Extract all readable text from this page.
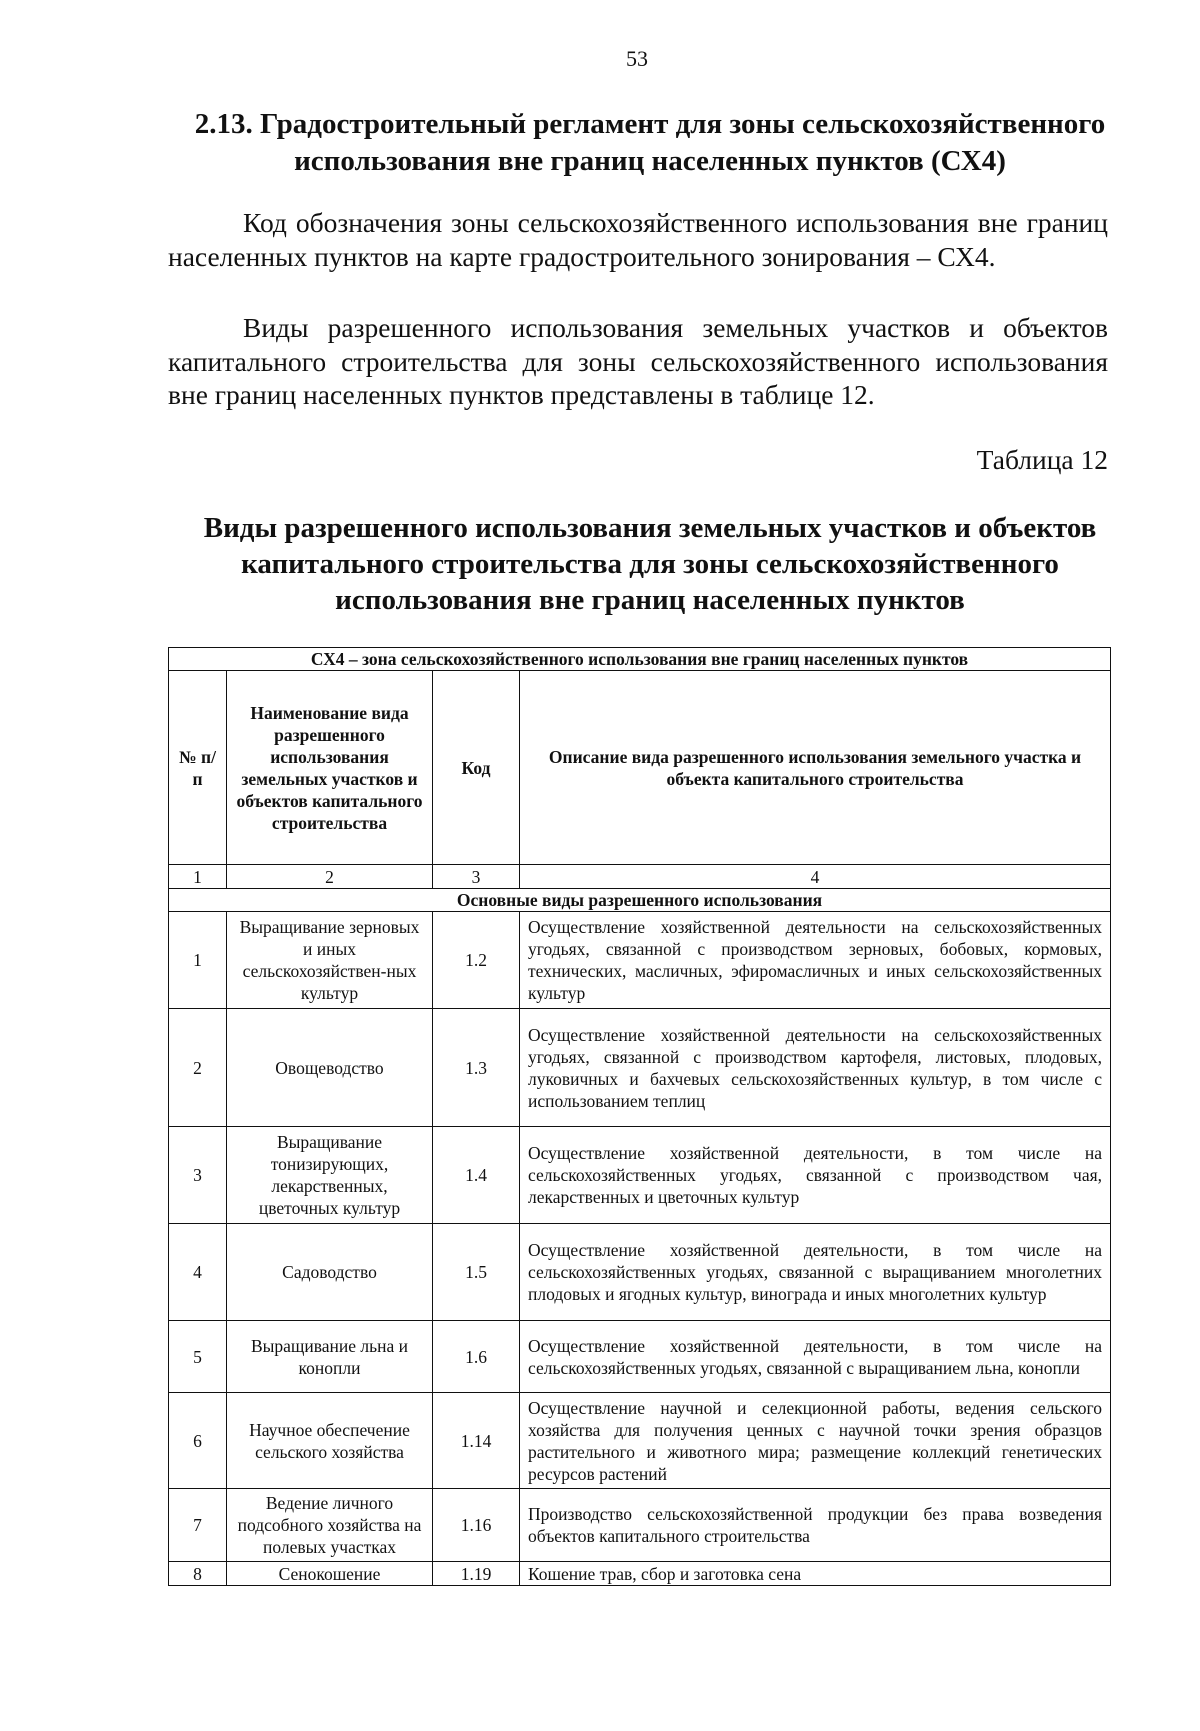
53
2.13. Градостроительный регламент для зоны сельскохозяйственного использования вне границ населенных пунктов (СХ4)
Код обозначения зоны сельскохозяйственного использования вне границ населенных пунктов на карте градостроительного зонирования – СХ4.
Виды разрешенного использования земельных участков и объектов капитального строительства для зоны сельскохозяйственного использования вне границ населенных пунктов представлены в таблице 12.
Таблица 12
Виды разрешенного использования земельных участков и объектов капитального строительства для зоны сельскохозяйственного использования вне границ населенных пунктов
СХ4 – зона сельскохозяйственного использования вне границ населенных пунктов			
№ п/п	Наименование вида разрешенного использования земельных участков и объектов капитального строительства	Код	Описание вида разрешенного использования земельного участка и объекта капитального строительства
1	2	3	4
Основные виды разрешенного использования			
1	Выращивание зерновых и иных сельскохозяйствен-ных культур	1.2	Осуществление хозяйственной деятельности на сельскохозяйственных угодьях, связанной с производством зерновых, бобовых, кормовых, технических, масличных, эфиромасличных и иных сельскохозяйственных культур
2	Овощеводство	1.3	Осуществление хозяйственной деятельности на сельскохозяйственных угодьях, связанной с производством картофеля, листовых, плодовых, луковичных и бахчевых сельскохозяйственных культур, в том числе с использованием теплиц
3	Выращивание тонизирующих, лекарственных, цветочных культур	1.4	Осуществление хозяйственной деятельности, в том числе на сельскохозяйственных угодьях, связанной с производством чая, лекарственных и цветочных культур
4	Садоводство	1.5	Осуществление хозяйственной деятельности, в том числе на сельскохозяйственных угодьях, связанной с выращиванием многолетних плодовых и ягодных культур, винограда и иных многолетних культур
5	Выращивание льна и конопли	1.6	Осуществление хозяйственной деятельности, в том числе на сельскохозяйственных угодьях, связанной с выращиванием льна, конопли
6	Научное обеспечение сельского хозяйства	1.14	Осуществление научной и селекционной работы, ведения сельского хозяйства для получения ценных с научной точки зрения образцов растительного и животного мира; размещение коллекций генетических ресурсов растений
7	Ведение личного подсобного хозяйства на полевых участках	1.16	Производство сельскохозяйственной продукции без права возведения объектов капитального строительства
8	Сенокошение	1.19	Кошение трав, сбор и заготовка сена
